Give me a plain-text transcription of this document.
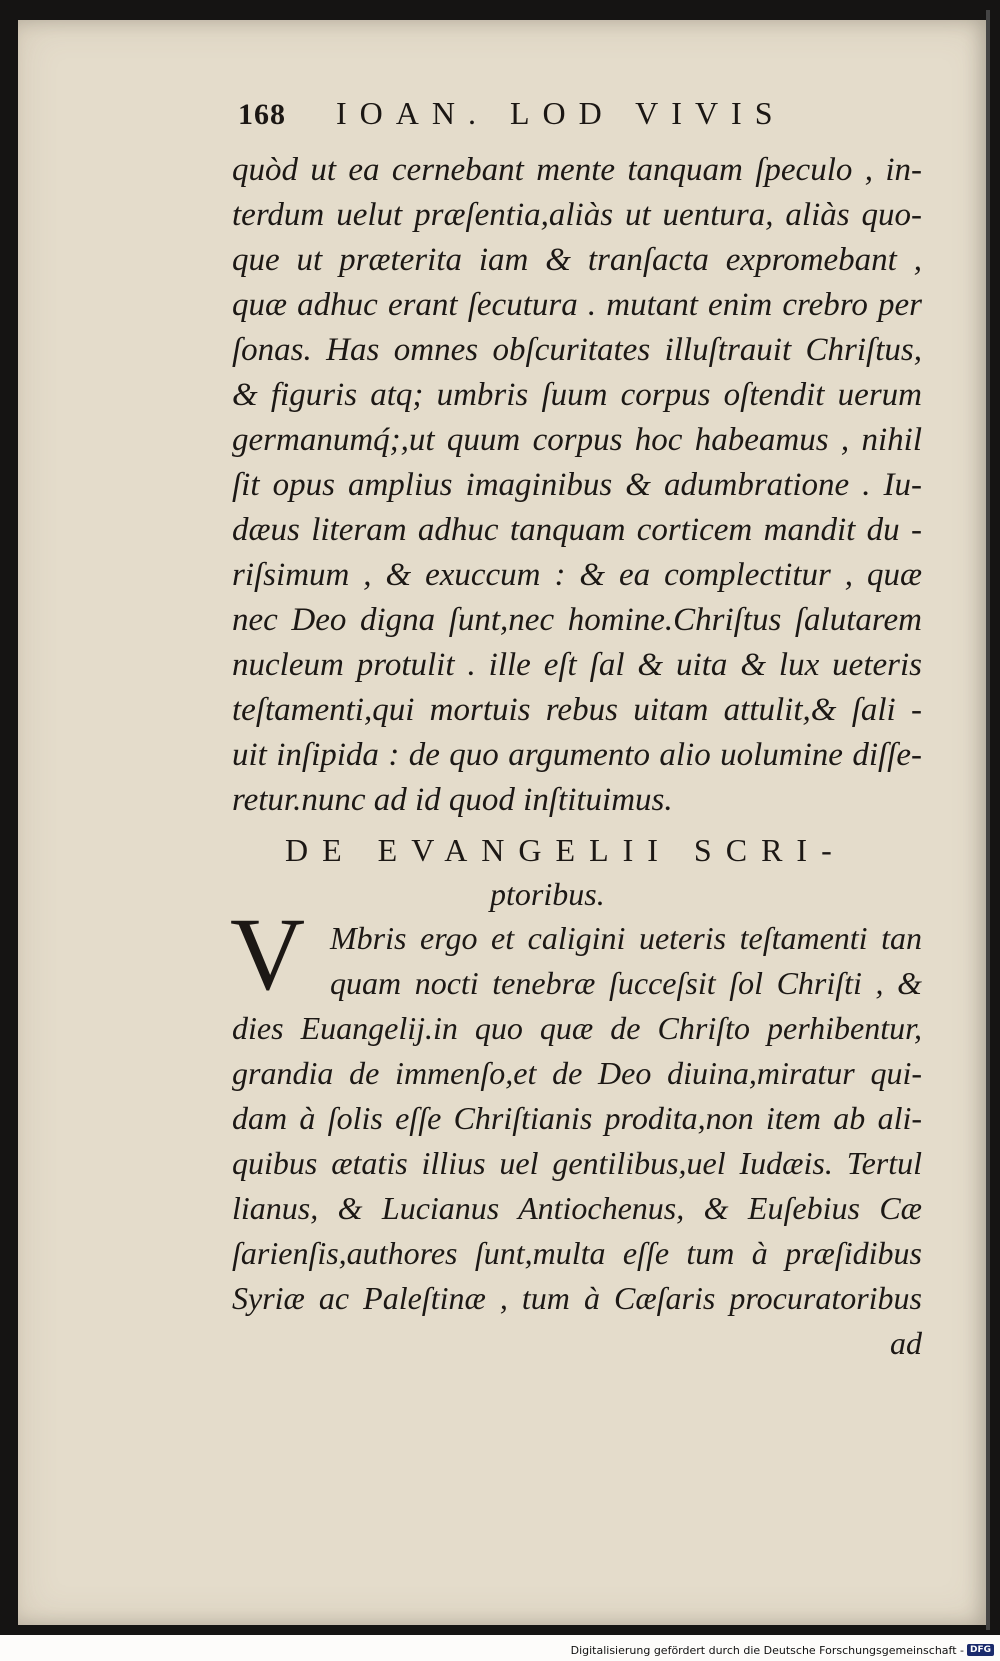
168 IOAN. LOD VIVIS
quòd ut ea cernebant mente tanquam ſpeculo , in-
terdum uelut præſentia,aliàs ut uentura, aliàs quo-
que ut præterita iam & tranſacta expromebant ,
quæ adhuc erant ſecutura . mutant enim crebro per
ſonas. Has omnes obſcuritates illuſtrauit Chriſtus,
& figuris atq; umbris ſuum corpus oſtendit uerum
germanumq́;,ut quum corpus hoc habeamus , nihil
ſit opus amplius imaginibus & adumbratione . Iu-
dæus literam adhuc tanquam corticem mandit du -
riſsimum , & exuccum : & ea complectitur , quæ
nec Deo digna ſunt,nec homine.Chriſtus ſalutarem
nucleum protulit . ille eſt ſal & uita & lux ueteris
teſtamenti,qui mortuis rebus uitam attulit,& ſali -
uit inſipida : de quo argumento alio uolumine diſſe-
retur.nunc ad id quod inſtituimus.
DE EVANGELII SCRI-
ptoribus.
V Mbris ergo et caligini ueteris teſtamenti tan
quam nocti tenebræ ſucceſsit ſol Chriſti , &
dies Euangelij.in quo quæ de Chriſto perhibentur,
grandia de immenſo,et de Deo diuina,miratur qui-
dam à ſolis eſſe Chriſtianis prodita,non item ab ali-
quibus ætatis illius uel gentilibus,uel Iudæis. Tertul
lianus, & Lucianus Antiochenus, & Euſebius Cæ
ſarienſis,authores ſunt,multa eſſe tum à præſidibus
Syriæ ac Paleſtinæ , tum à Cæſaris procuratoribus
ad
Digitalisierung gefördert durch die Deutsche Forschungsgemeinschaft - DFG
